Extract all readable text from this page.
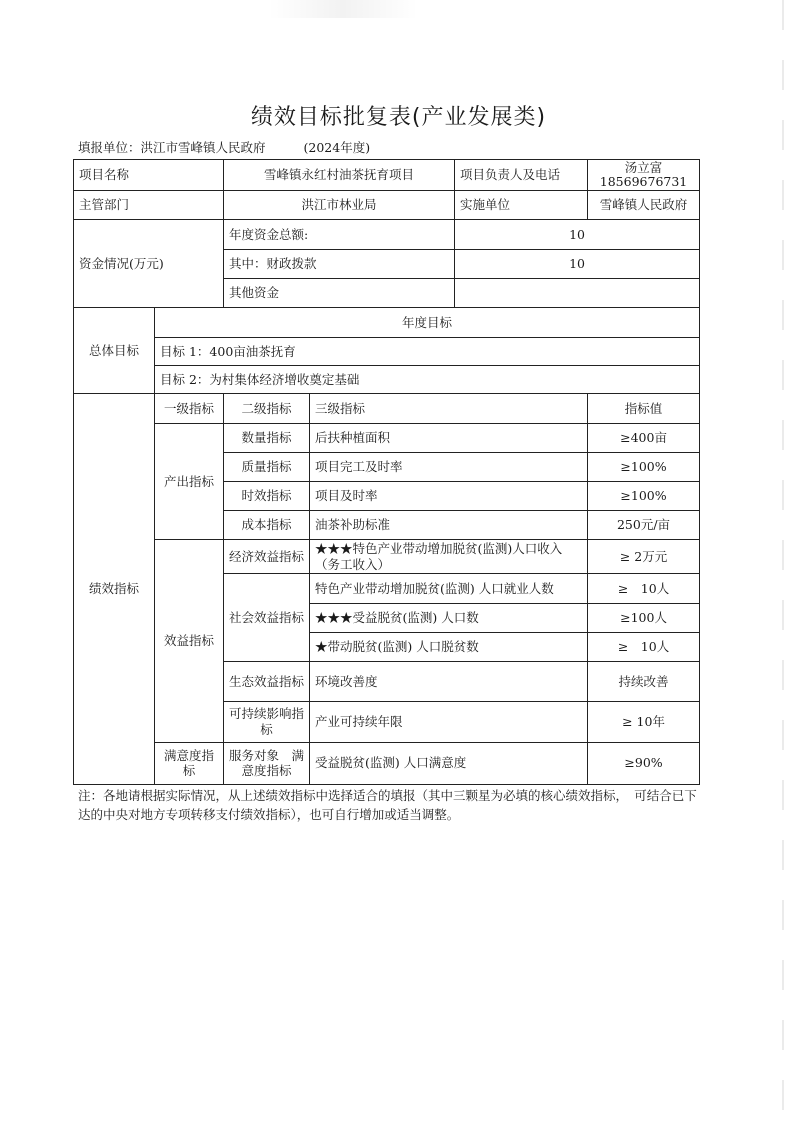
绩效目标批复表(产业发展类)
填报单位：洪江市雪峰镇人民政府	(2024年度)
项目名称		雪峰镇永红村油茶抚育项目		项目负责人及电话	汤立富
18569676731

主管部门		洪江市林业局		实施单位	雪峰镇人民政府
资金情况(万元)		年度资金总额:		10	
		其中：财政拨款		10	
		其他资金			
总体目标	年度目标				
	目标 1：400亩油茶抚育				
	目标 2：为村集体经济增收奠定基础				
绩效指标	一级指标	二级指标	三级指标		指标值
	产出指标	数量指标	后扶种植面积		≥400亩
		质量指标	项目完工及时率		≥100%
		时效指标	项目及时率		≥100%
		成本指标	油茶补助标准		250元/亩
	效益指标	经济效益指标	★★★特色产业带动增加脱贫(监测)人口收入（务工收入）		≥ 2万元
		社会效益指标	特色产业带动增加脱贫(监测) 人口就业人数		≥　10人
			★★★受益脱贫(监测) 人口数		≥100人
			★带动脱贫(监测) 人口脱贫数		≥　10人
		生态效益指标	环境改善度		持续改善
		可持续影响指标	产业可持续年限		≥ 10年
	满意度指标	服务对象　满意度指标	受益脱贫(监测) 人口满意度		≥90%
注：各地请根据实际情况，从上述绩效指标中选择适合的填报（其中三颗星为必填的核心绩效指标，　可结合已下达的中央对地方专项转移支付绩效指标），也可自行增加或适当调整。
